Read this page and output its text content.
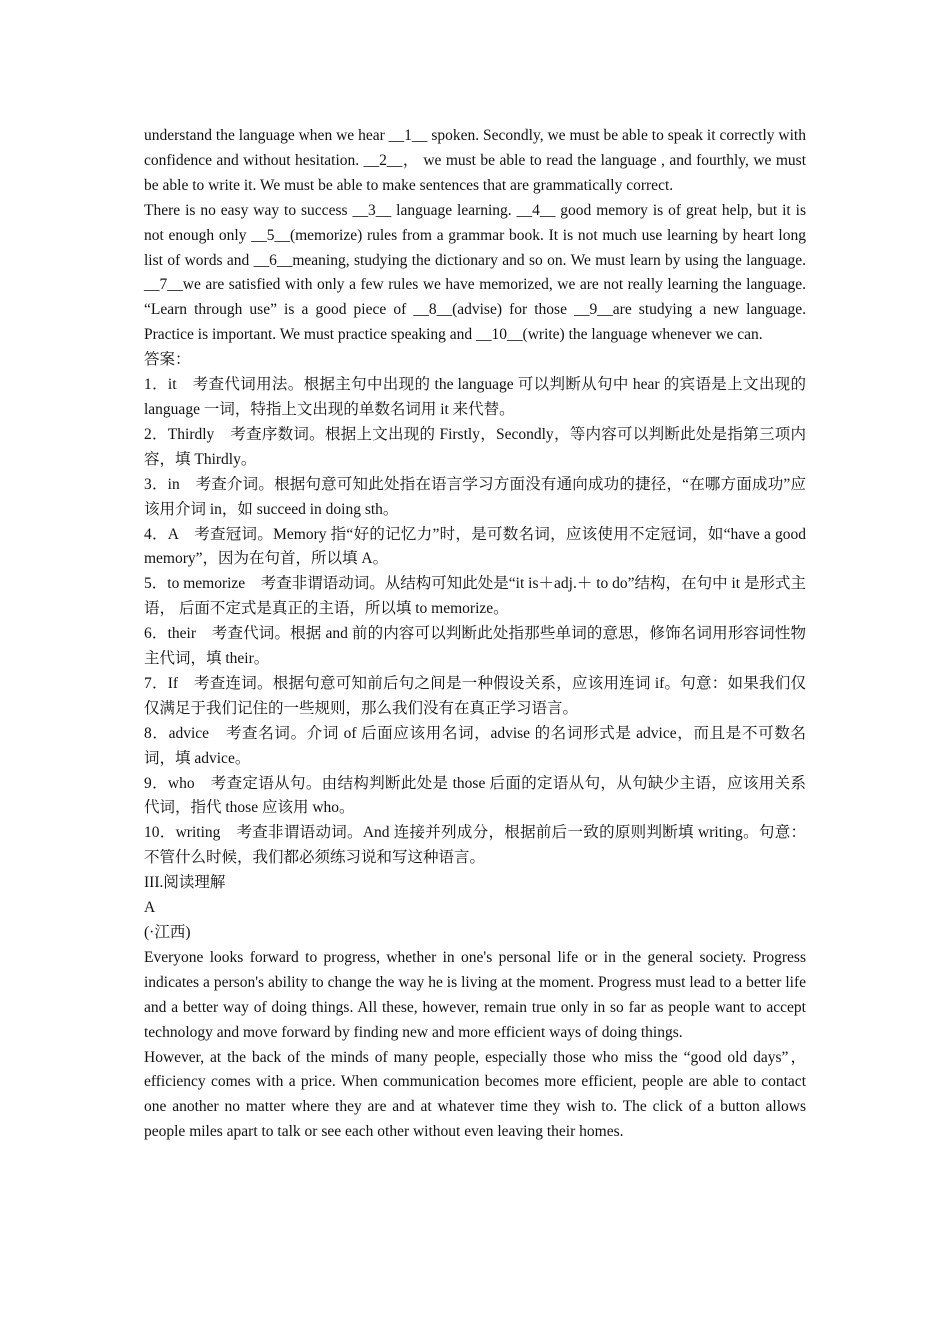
understand the language when we hear __1__ spoken. Secondly, we must be able to speak it correctly with confidence and without hesitation. __2__， we must be able to read the language , and fourthly, we must be able to write it. We must be able to make sentences that are grammatically correct.

There is no easy way to success __3__ language learning. __4__ good memory is of great help, but it is not enough only __5__(memorize) rules from a grammar book. It is not much use learning by heart long list of words and __6__meaning, studying the dictionary and so on. We must learn by using the language. __7__we are satisfied with only a few rules we have memorized, we are not really learning the language. “Learn through use” is a good piece of __8__(advise) for those __9__are studying a new language. Practice is important. We must practice speaking and __10__(write) the language whenever we can.

答案：

1．it　考查代词用法。根据主句中出现的 the language 可以判断从句中 hear 的宾语是上文出现的 language 一词，特指上文出现的单数名词用 it 来代替。

2．Thirdly　考查序数词。根据上文出现的 Firstly，Secondly，等内容可以判断此处是指第三项内容，填 Thirdly。

3．in　考查介词。根据句意可知此处指在语言学习方面没有通向成功的捷径，“在哪方面成功”应该用介词 in，如 succeed in doing sth。

4．A　考查冠词。Memory 指“好的记忆力”时，是可数名词，应该使用不定冠词，如“have a good memory”，因为在句首，所以填 A。

5．to memorize　考查非谓语动词。从结构可知此处是“it is＋adj.＋ to do”结构，在句中 it 是形式主语， 后面不定式是真正的主语，所以填 to memorize。

6．their　考查代词。根据 and 前的内容可以判断此处指那些单词的意思，修饰名词用形容词性物主代词，填 their。

7．If　考查连词。根据句意可知前后句之间是一种假设关系，应该用连词 if。句意：如果我们仅仅满足于我们记住的一些规则，那么我们没有在真正学习语言。

8．advice　考查名词。介词 of 后面应该用名词，advise 的名词形式是 advice，而且是不可数名词，填 advice。

9．who　考查定语从句。由结构判断此处是 those 后面的定语从句，从句缺少主语，应该用关系代词，指代 those 应该用 who。

10．writing　考查非谓语动词。And 连接并列成分，根据前后一致的原则判断填 writing。句意：不管什么时候，我们都必须练习说和写这种语言。

III.阅读理解

A

(·江西)

Everyone looks forward to progress, whether in one's personal life or in the general society. Progress indicates a person's ability to change the way he is living at the moment. Progress must lead to a better life and a better way of doing things. All these, however, remain true only in so far as people want to accept technology and move forward by finding new and more efficient ways of doing things.

However, at the back of the minds of many people, especially those who miss the “good old days”， efficiency comes with a price. When communication becomes more efficient, people are able to contact one another no matter where they are and at whatever time they wish to. The click of a button allows people miles apart to talk or see each other without even leaving their homes.
